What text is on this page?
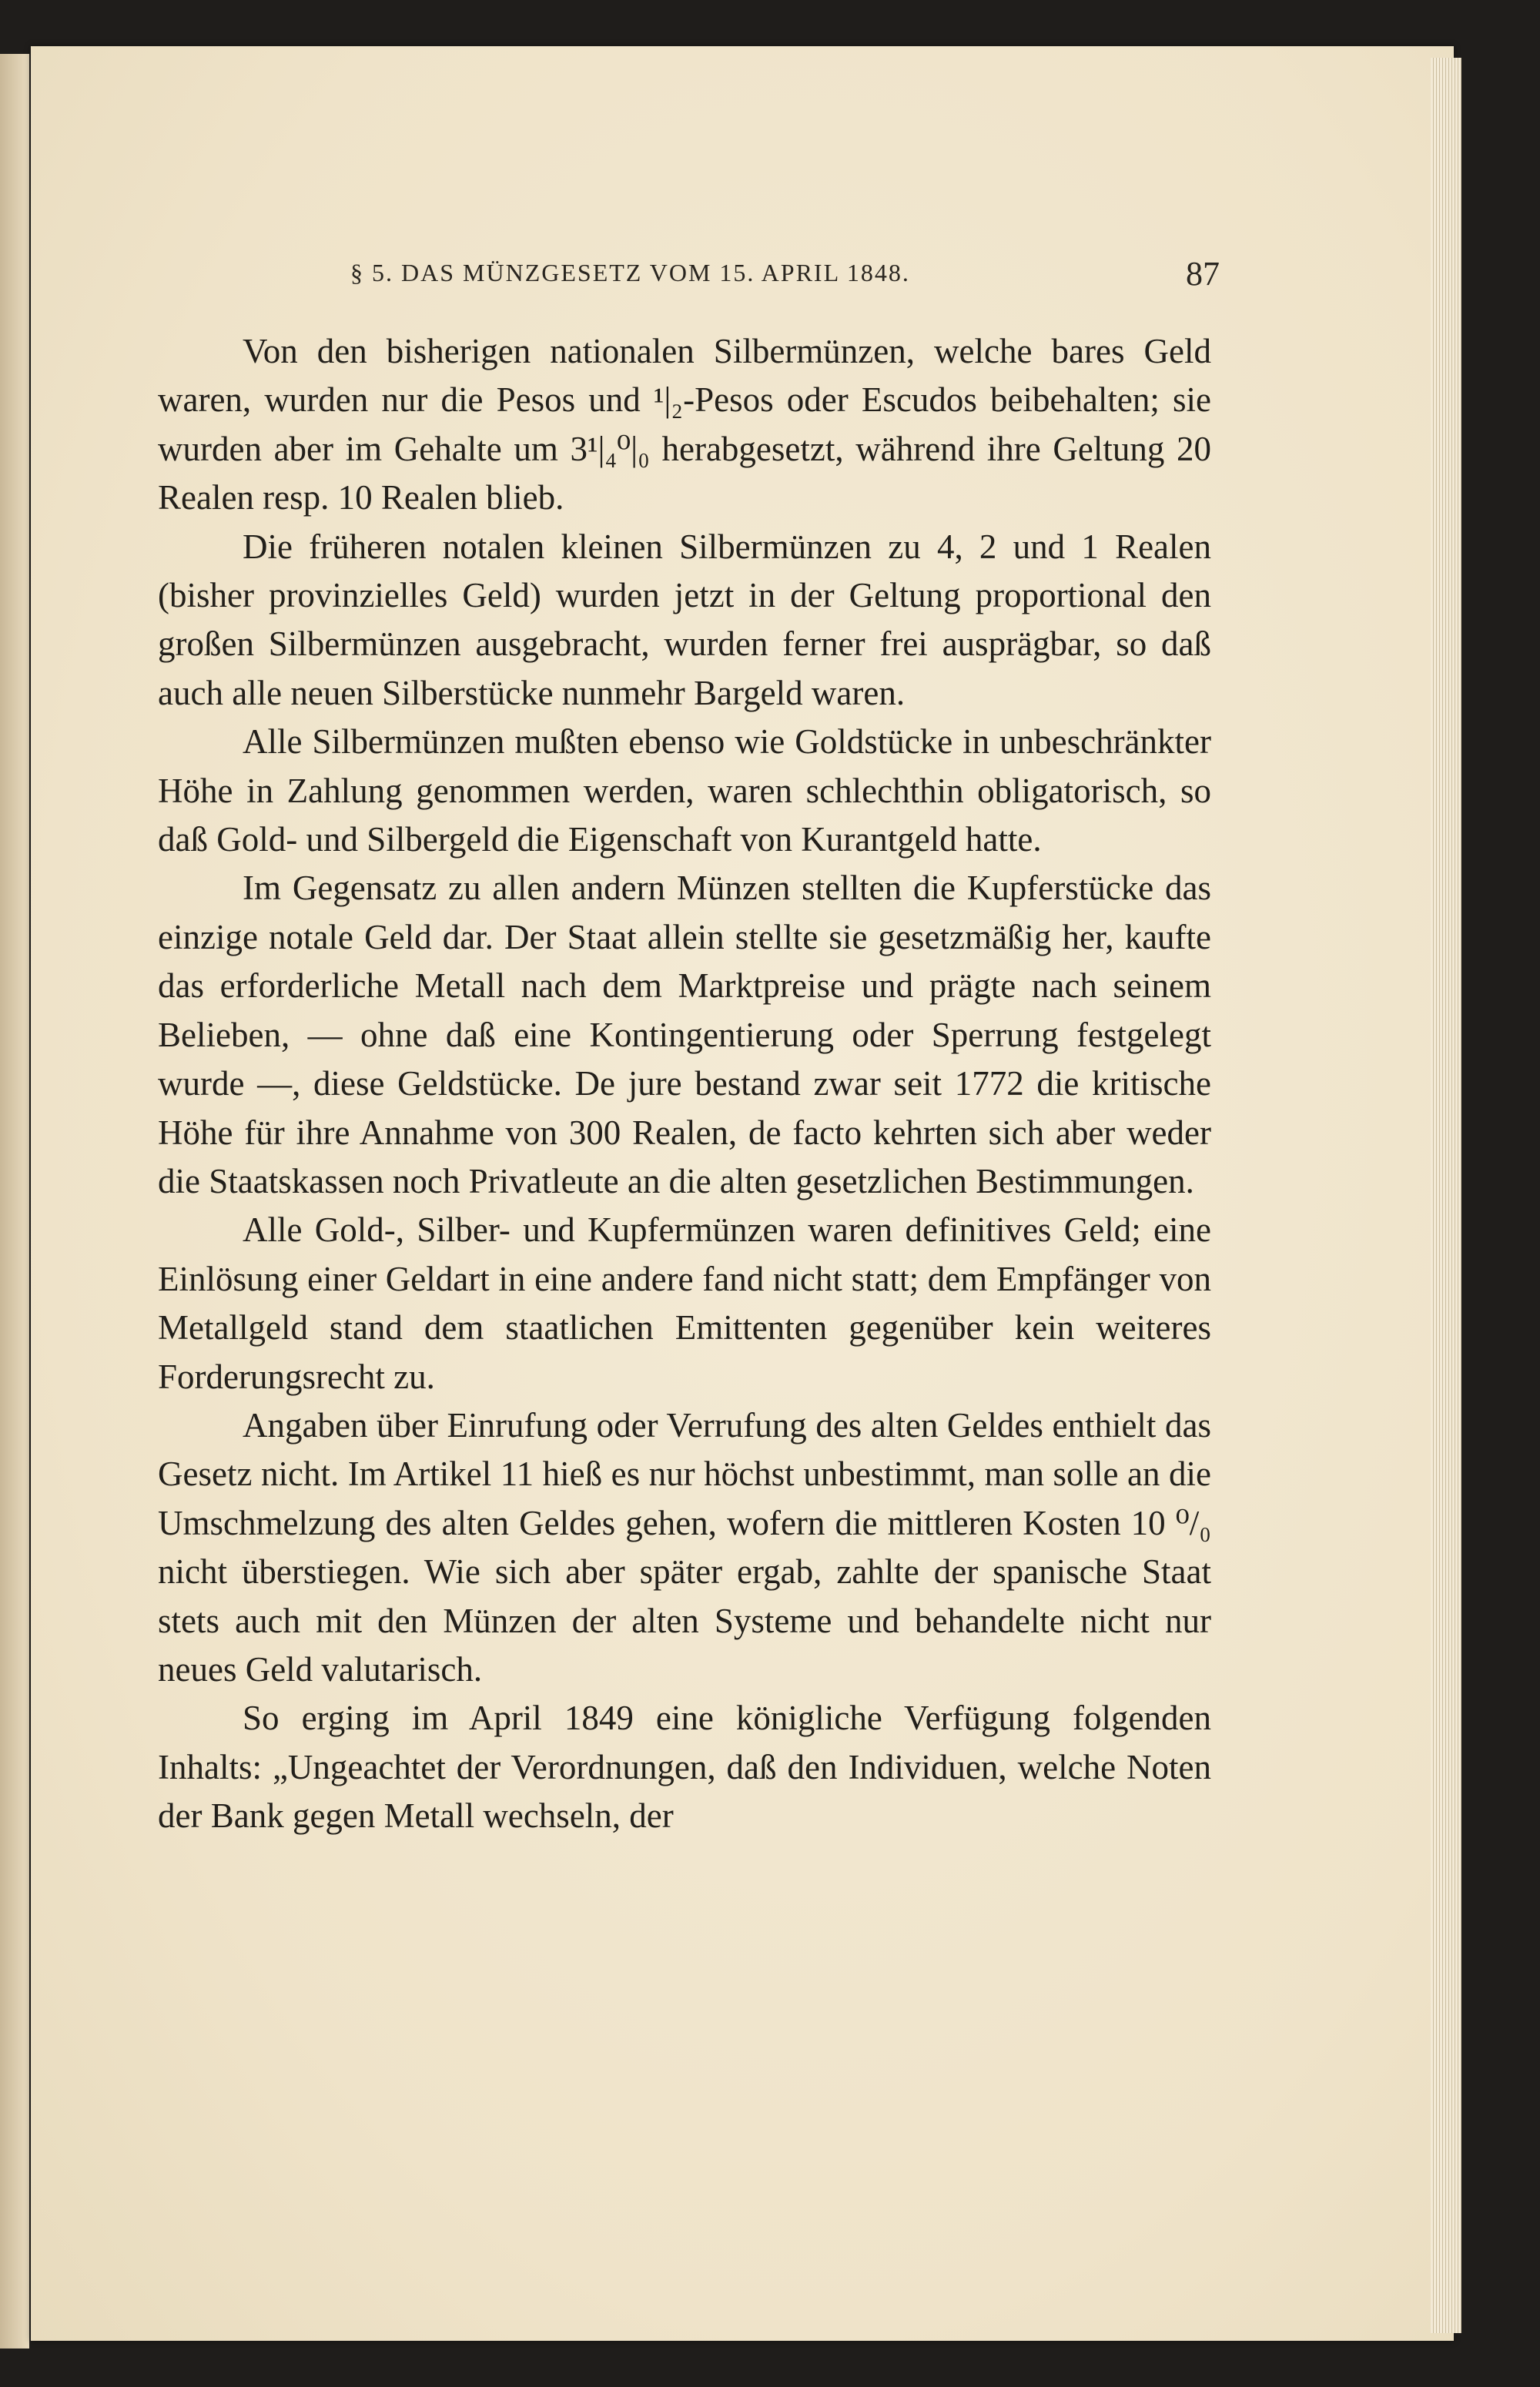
§ 5. DAS MÜNZGESETZ VOM 15. APRIL 1848.	87

Von den bisherigen nationalen Silbermünzen, welche bares Geld waren, wurden nur die Pesos und ¹|₂-Pesos oder Escudos beibehalten; sie wurden aber im Gehalte um 3¹|₄⁰|₀ herabgesetzt, während ihre Geltung 20 Realen resp. 10 Realen blieb.

Die früheren notalen kleinen Silbermünzen zu 4, 2 und 1 Realen (bisher provinzielles Geld) wurden jetzt in der Geltung proportional den großen Silbermünzen ausgebracht, wurden ferner frei ausprägbar, so daß auch alle neuen Silberstücke nunmehr Bargeld waren.

Alle Silbermünzen mußten ebenso wie Goldstücke in unbeschränkter Höhe in Zahlung genommen werden, waren schlechthin obligatorisch, so daß Gold- und Silbergeld die Eigenschaft von Kurantgeld hatte.

Im Gegensatz zu allen andern Münzen stellten die Kupferstücke das einzige notale Geld dar. Der Staat allein stellte sie gesetzmäßig her, kaufte das erforderliche Metall nach dem Marktpreise und prägte nach seinem Belieben, — ohne daß eine Kontingentierung oder Sperrung festgelegt wurde —, diese Geldstücke. De jure bestand zwar seit 1772 die kritische Höhe für ihre Annahme von 300 Realen, de facto kehrten sich aber weder die Staatskassen noch Privatleute an die alten gesetzlichen Bestimmungen.

Alle Gold-, Silber- und Kupfermünzen waren definitives Geld; eine Einlösung einer Geldart in eine andere fand nicht statt; dem Empfänger von Metallgeld stand dem staatlichen Emittenten gegenüber kein weiteres Forderungsrecht zu.

Angaben über Einrufung oder Verrufung des alten Geldes enthielt das Gesetz nicht. Im Artikel 11 hieß es nur höchst unbestimmt, man solle an die Umschmelzung des alten Geldes gehen, wofern die mittleren Kosten 10 ⁰/₀ nicht überstiegen. Wie sich aber später ergab, zahlte der spanische Staat stets auch mit den Münzen der alten Systeme und behandelte nicht nur neues Geld valutarisch.

So erging im April 1849 eine königliche Verfügung folgenden Inhalts: „Ungeachtet der Verordnungen, daß den Individuen, welche Noten der Bank gegen Metall wechseln, der
